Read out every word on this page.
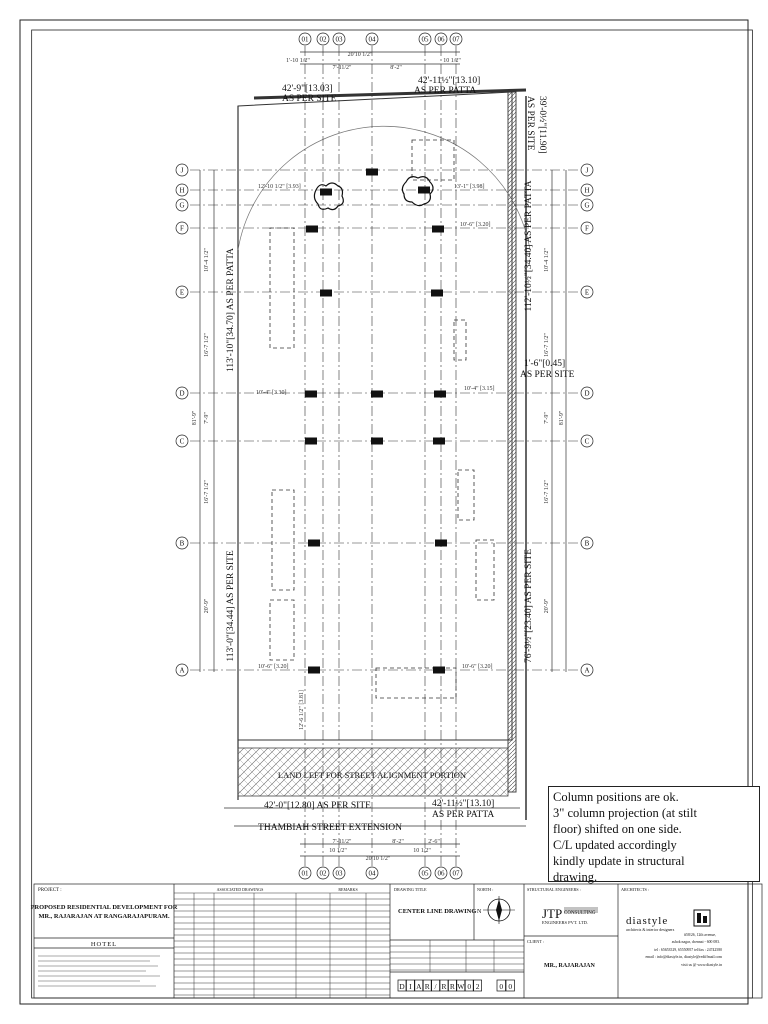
01
01
02
02
03
03
04
04
05
05
06
06
07
07
J	J
H	H
G	G
F	F
E	E
D	D
C	C
B	B
A	A
20'10 1/2"
1'-10 1/2"
7'-11/2"	8'-2"
10 1/2"
20'10 1/2"
7'-11/2"	8'-2"	2'-6"
10 1/2"	10 1/2"
12'-10 1/2" [3.93]	13'-1" [3.98]
10'-6" [3.20]
10'-4" [3.30]
10'-4" [3.15]
10'-6" [3.20]	10'-6" [3.20]
10'-4 1/2"
16'-7 1/2"
7'-9"
16'-7 1/2"
20'-9"
81'-9"
10'-4 1/2"
16'-7 1/2"
7'-9"
16'-7 1/2"
20'-9"
81'-9"
12'-6 1/2" [3.81]
42'-9"[13.03]
AS PER SITE
42'-11½"[13.10]
AS PER PATTA
39'-0½"[11.90]
AS PER SITE
113'-10"[34.70] AS PER PATTA	112'-10½"[34.40] AS PER PATTA
1'-6"[0.45]
AS PER SITE
113'-0"[34.44] AS PER SITE	76'-9½"[23.40] AS PER SITE
LAND LEFT FOR STREET ALIGNMENT PORTION
42'-0"[12.80] AS PER SITE	42'-11½"[13.10]
AS PER PATTA
THAMBIAH STREET EXTENSION
PROJECT :
PROPOSED RESIDENTIAL DEVELOPMENT FOR
MR., RAJARAJAN AT RANGARAJAPURAM.
HOTEL
ASSOCIATED DRAWINGS	REMARKS	DRAWING TITLE
CENTER LINE DRAWING
NORTH :	STRUCTURAL ENGINEERS :
JTP CONSULTING
ENGINEERS PVT. LTD.
CLIENT :
MR., RAJARAJAN
ARCHITECTS :
diastyle
architects & interior designers
#58/26, 12th avenue,
ashok nagar, chennai - 600 083.
tel : 65653529, 65550957 tel/fax : 24742580
email : info@diastyle.in, diastyle@rediffmail.com
visit us @ www.diastyle.in
N
D I A R / R R W 0 2	0 0
Column positions are ok.
3" column projection (at stilt
floor) shifted on one side.
C/L updated accordingly
kindly update in structural
drawing.
